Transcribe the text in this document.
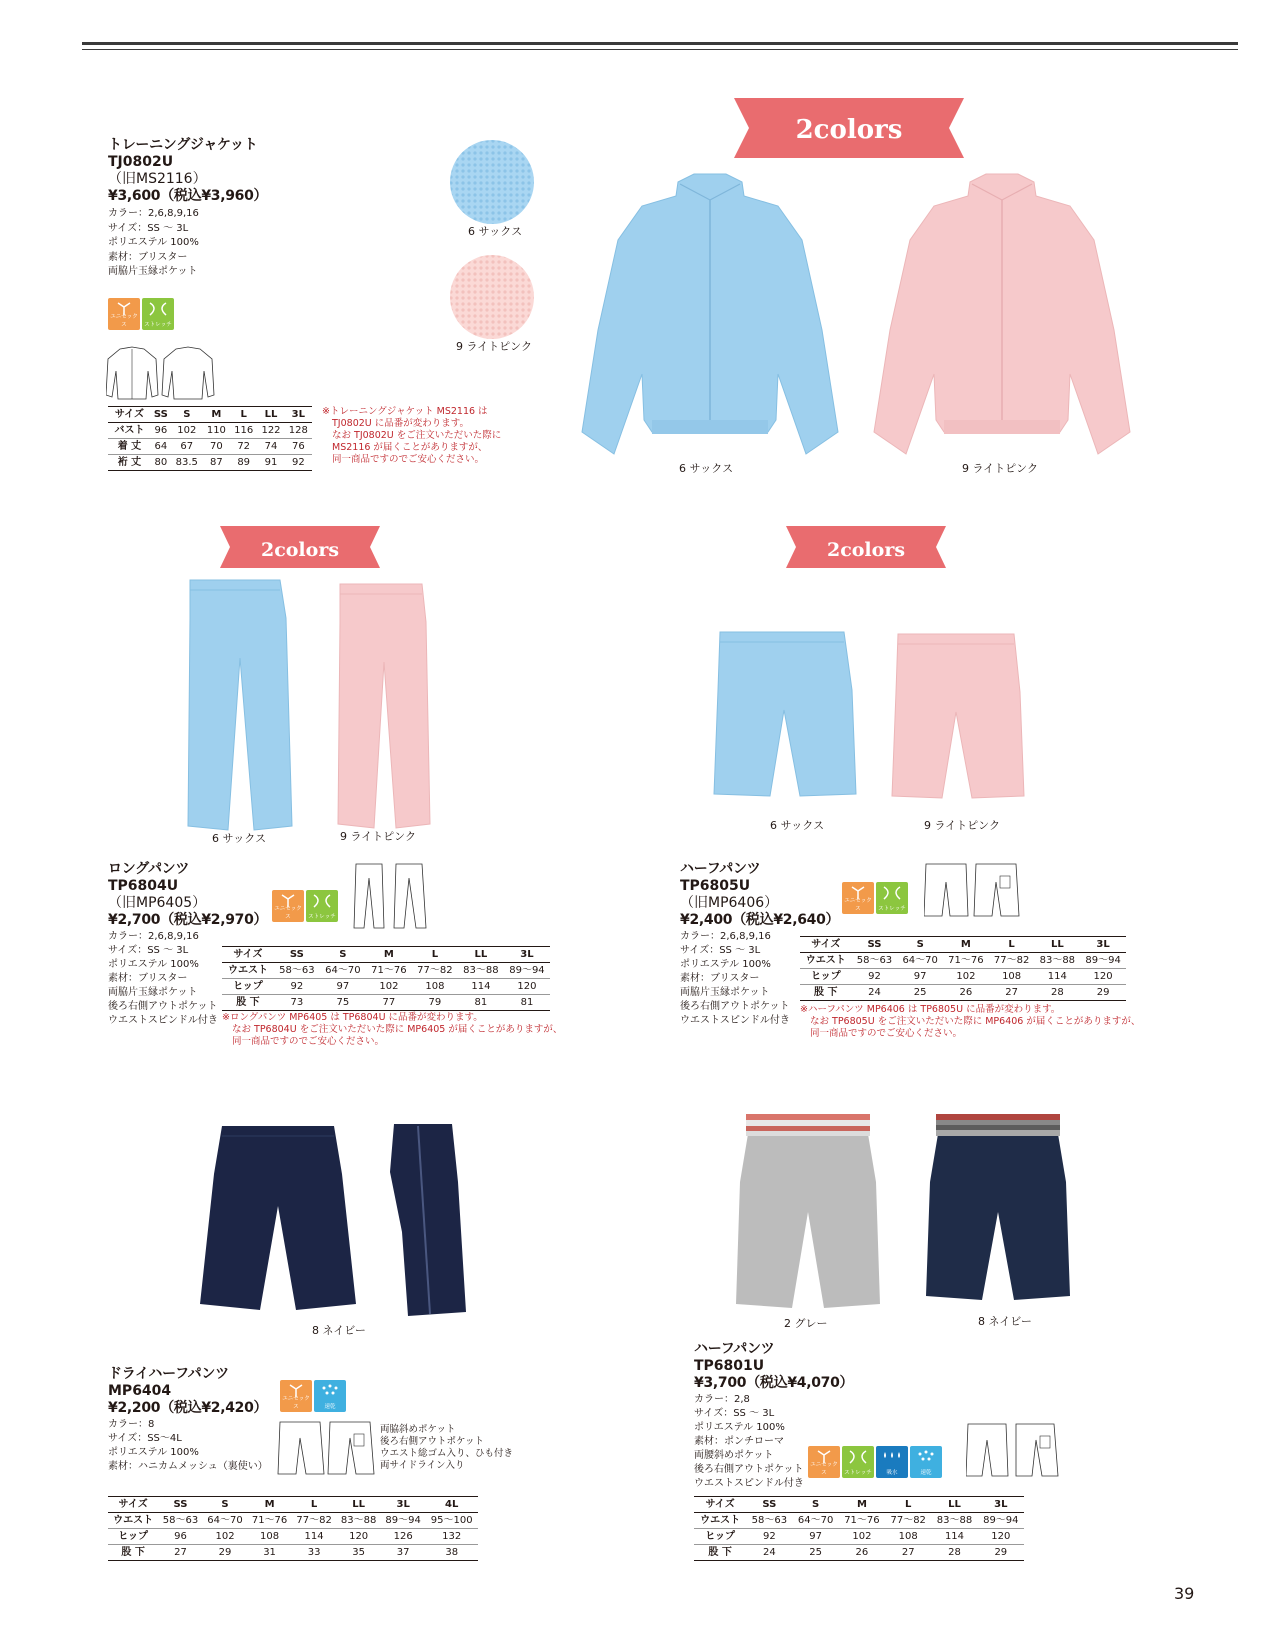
トレーニングジャケット
TJ0802U
（旧MS2116）
¥3,600（税込¥3,960）
カラー：2,6,8,9,16
サイズ：SS ～ 3L
ポリエステル 100%
素材：ブリスター
両脇片玉縁ポケット
ユニセックス	ストレッチ
サイズ	SS	S	M	L	LL	3L
バスト	96	102	110	116	122	128
着 丈	64	67	70	72	74	76
裄 丈	80	83.5	87	89	91	92
※トレーニングジャケット MS2116 は
TJ0802U に品番が変わります。
なお TJ0802U をご注文いただいた際に
MS2116 が届くことがありますが、
同一商品ですのでご安心ください。
6 サックス
9 ライトピンク
2colors
6 サックス	9 ライトピンク
2colors
6 サックス	9 ライトピンク
ロングパンツ
TP6804U
（旧MP6405）
¥2,700（税込¥2,970）
カラー：2,6,8,9,16
サイズ：SS ～ 3L
ポリエステル 100%
素材：ブリスター
両脇片玉縁ポケット
後ろ右側アウトポケット
ウエストスピンドル付き
ユニセックス	ストレッチ
サイズ	SS	S	M	L	LL	3L
ウエスト	58～63	64～70	71～76	77～82	83～88	89～94
ヒップ	92	97	102	108	114	120
股 下	73	75	77	79	81	81
※ロングパンツ MP6405 は TP6804U に品番が変わります。
なお TP6804U をご注文いただいた際に MP6405 が届くことがありますが、
同一商品ですのでご安心ください。
2colors
6 サックス	9 ライトピンク
ハーフパンツ
TP6805U
（旧MP6406）
¥2,400（税込¥2,640）
カラー：2,6,8,9,16
サイズ：SS ～ 3L
ポリエステル 100%
素材：ブリスター
両脇片玉縁ポケット
後ろ右側アウトポケット
ウエストスピンドル付き
ユニセックス	ストレッチ
サイズ	SS	S	M	L	LL	3L
ウエスト	58～63	64～70	71～76	77～82	83～88	89～94
ヒップ	92	97	102	108	114	120
股 下	24	25	26	27	28	29
※ハーフパンツ MP6406 は TP6805U に品番が変わります。
なお TP6805U をご注文いただいた際に MP6406 が届くことがありますが、
同一商品ですのでご安心ください。
8 ネイビー
ドライハーフパンツ
MP6404
¥2,200（税込¥2,420）
カラー：8
サイズ：SS～4L
ポリエステル 100%
素材：ハニカムメッシュ（裏使い）
ユニセックス	速乾
両脇斜めポケット
後ろ右側アウトポケット
ウエスト総ゴム入り、ひも付き
両サイドライン入り
サイズ	SS	S	M	L	LL	3L	4L
ウエスト	58～63	64～70	71～76	77～82	83～88	89～94	95～100
ヒップ	96	102	108	114	120	126	132
股 下	27	29	31	33	35	37	38
2 グレー	8 ネイビー
ハーフパンツ
TP6801U
¥3,700（税込¥4,070）
カラー：2,8
サイズ：SS ～ 3L
ポリエステル 100%
素材：ポンチローマ
両腰斜めポケット
後ろ右側アウトポケット
ウエストスピンドル付き
ユニセックス	ストレッチ	吸水	速乾
サイズ	SS	S	M	L	LL	3L
ウエスト	58～63	64～70	71～76	77～82	83～88	89～94
ヒップ	92	97	102	108	114	120
股 下	24	25	26	27	28	29
39
